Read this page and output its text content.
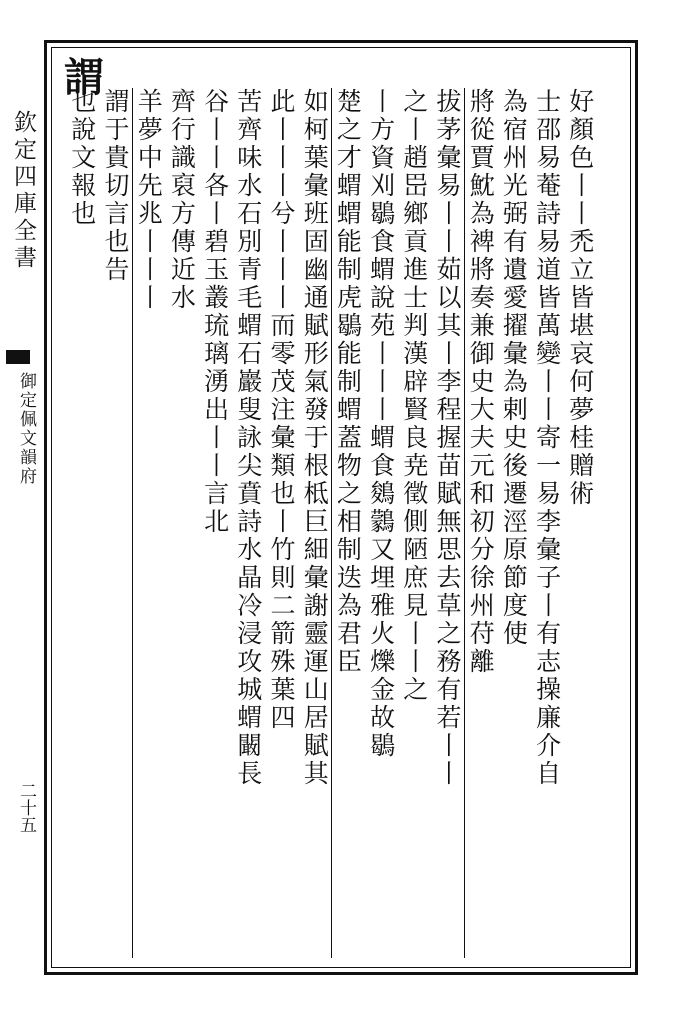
欽定四庫全書
御定佩文韻府
二十五
謂
好顏色丨丨禿立皆堪哀何夢桂贈術
士邵易菴詩易道皆萬變丨丨寄一易李彙子丨有志操廉介自
為宿州光弼有遺愛擢彙為剌史後遷涇原節度使
將從賈魫為裨將奏兼御史大夫元和初分徐州苻離
拔茅彙易丨丨茹以其丨李程握苗賦無思去草之務有若丨丨
之丨趙岊鄉貢進士判漢辟賢良尭徵側陋庶見丨丨之
丨方資刈鶡食蝟說苑丨丨丨蝟食鵕鸏又埋雅火爍金故鶡
楚之才蝟蝟能制虎鶡能制蝟蓋物之相制迭為君臣
如柯葉彙班固幽通賦形氣發于根柢巨細彙謝靈運山居賦其
此丨丨丨兮丨丨丨而零茂注彙類也丨竹則二箭殊葉四
苦齊味水石別青毛蝟石巖叟詠尖賁詩水晶冷浸攻城蝟闞長
谷丨丨各丨碧玉叢琉璃湧出丨丨言北
齊行識裒方傳近水
羊夢中先兆丨丨丨
謂于貴切言也告
也說文報也
